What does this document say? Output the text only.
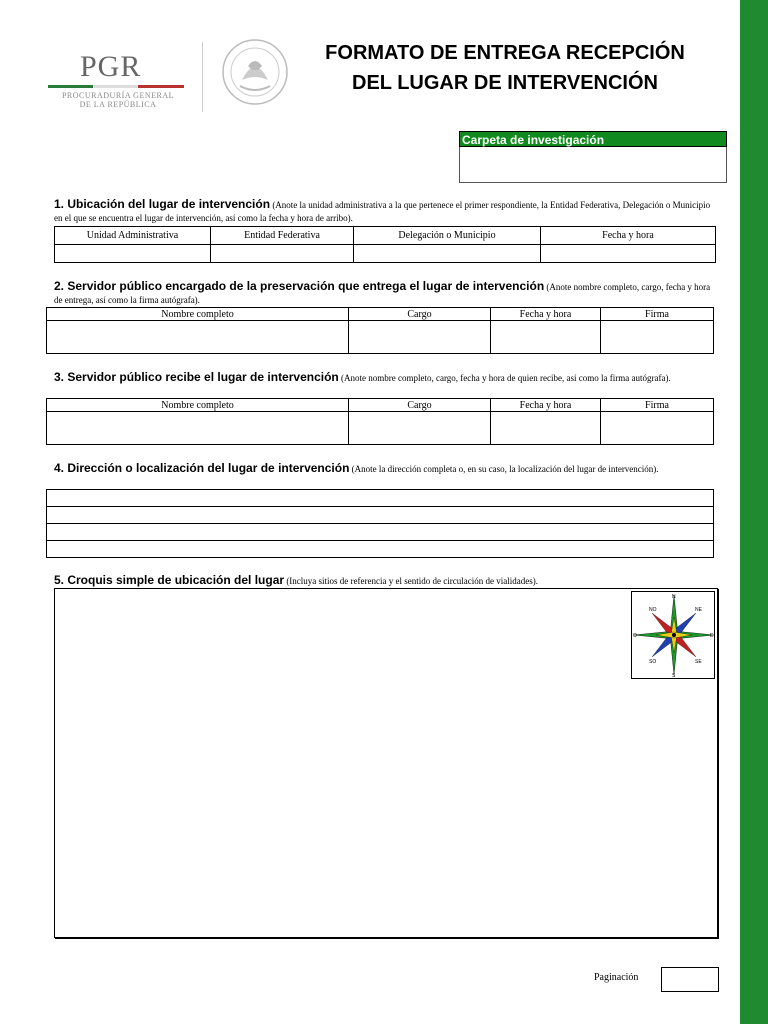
PGR
PROCURADURÍA GENERAL
DE LA REPÚBLICA
FORMATO DE ENTREGA RECEPCIÓN
DEL LUGAR DE INTERVENCIÓN
Carpeta de investigación
1. Ubicación del lugar de intervención (Anote la unidad administrativa a la que pertenece el primer respondiente, la Entidad Federativa, Delegación o Municipio en el que se encuentra el lugar de intervención, así como la fecha y hora de arribo).
Unidad Administrativa	Entidad Federativa	Delegación o Municipio	Fecha y hora

2. Servidor público encargado de la preservación que entrega el lugar de intervención (Anote nombre completo, cargo, fecha y hora de entrega, así como la firma autógrafa).
Nombre completo	Cargo	Fecha y hora	Firma

3. Servidor público recibe el lugar de intervención (Anote nombre completo, cargo, fecha y hora de quien recibe, así como la firma autógrafa).
Nombre completo	Cargo	Fecha y hora	Firma

4. Dirección o localización del lugar de intervención (Anote la dirección completa o, en su caso, la localización del lugar de intervención).

5. Croquis simple de ubicación del lugar (Incluya sitios de referencia y el sentido de circulación de vialidades).
N
NO	NE
O	E
SO	SE
S
Paginación
